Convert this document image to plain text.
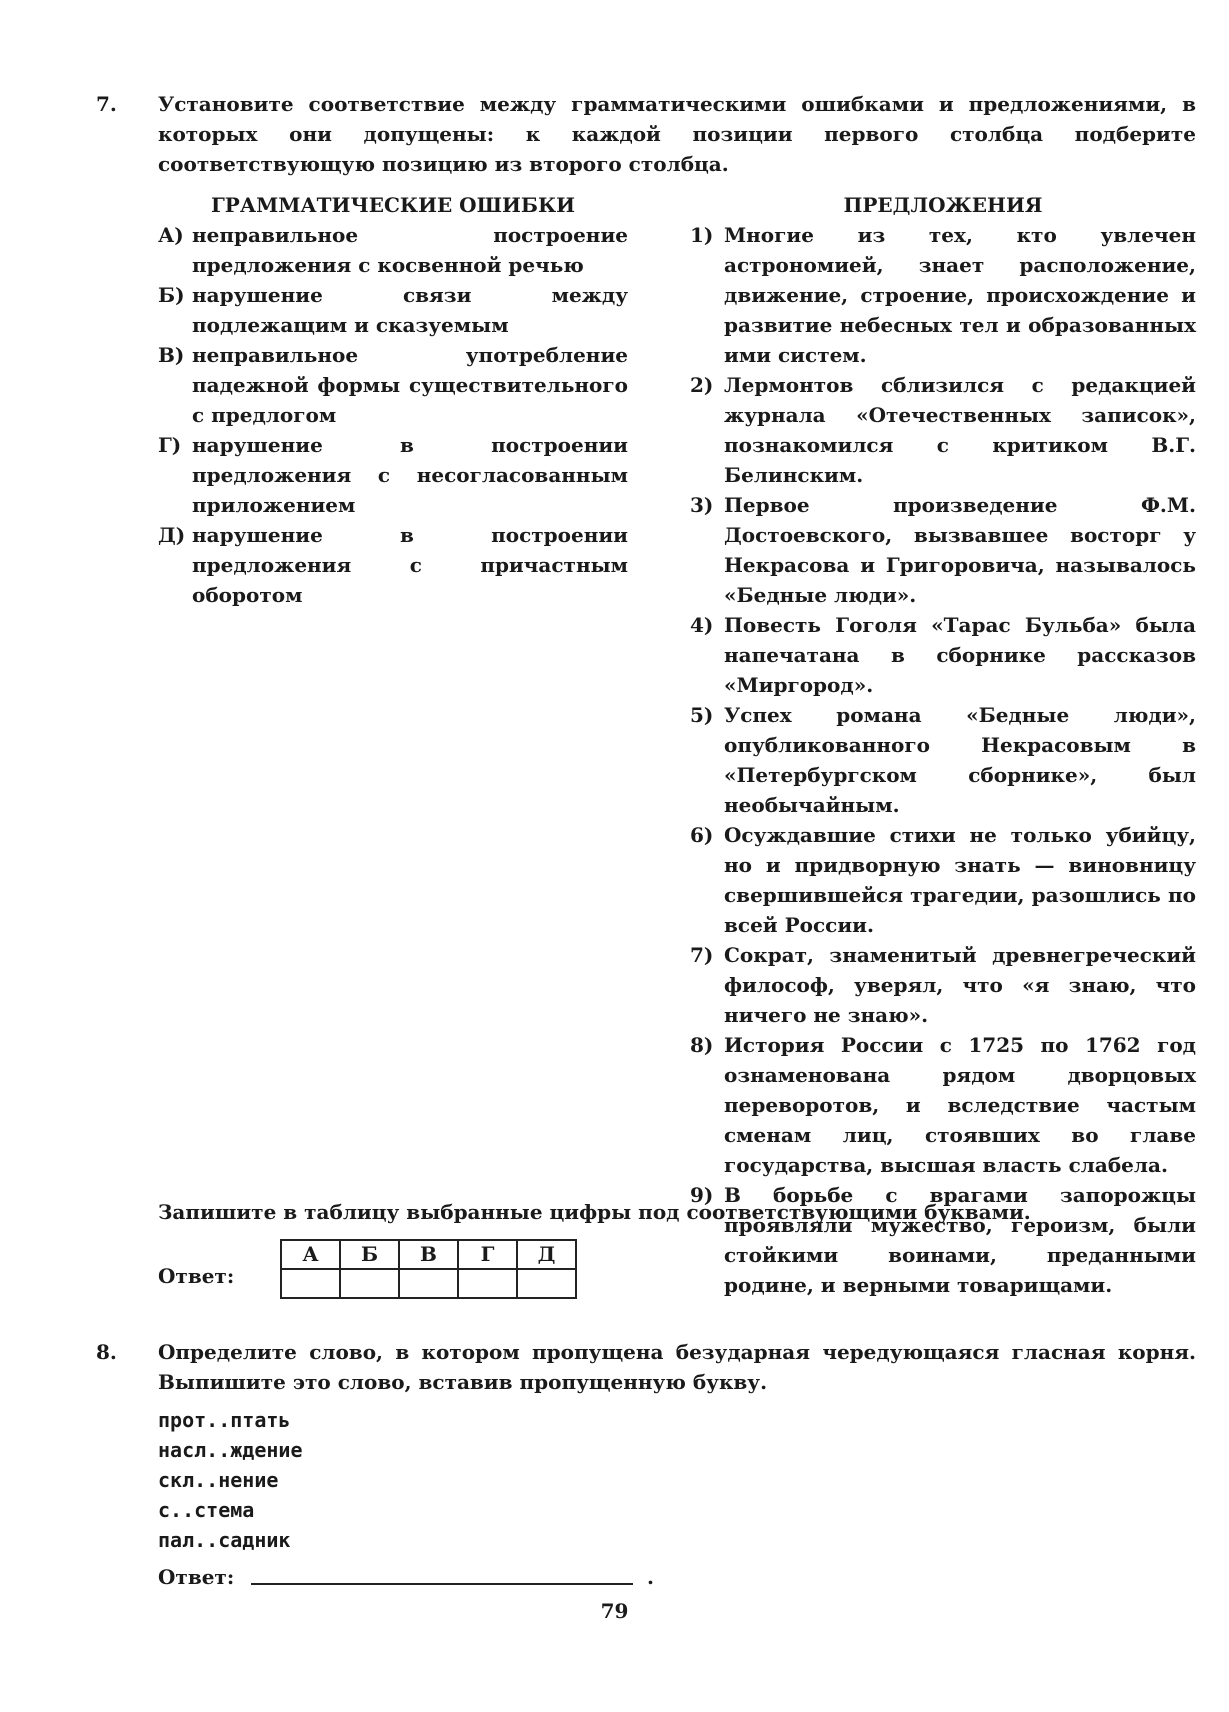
7. Установите соответствие между грамматическими ошибками и предложениями, в которых они допущены: к каждой позиции первого столбца подберите соответствующую позицию из второго столбца.
ГРАММАТИЧЕСКИЕ ОШИБКИ
А) неправильное построение предложения с косвенной речью
Б) нарушение связи между подлежащим и сказуемым
В) неправильное употребление падежной формы существительного с предлогом
Г) нарушение в построении предложения с несогласованным приложением
Д) нарушение в построении предложения с причастным оборотом
ПРЕДЛОЖЕНИЯ
1) Многие из тех, кто увлечен астрономией, знает расположение, движение, строение, происхождение и развитие небесных тел и образованных ими систем.
2) Лермонтов сблизился с редакцией журнала «Отечественных записок», познакомился с критиком В.Г. Белинским.
3) Первое произведение Ф.М. Достоевского, вызвавшее восторг у Некрасова и Григоровича, называлось «Бедные люди».
4) Повесть Гоголя «Тарас Бульба» была напечатана в сборнике рассказов «Миргород».
5) Успех романа «Бедные люди», опубликованного Некрасовым в «Петербургском сборнике», был необычайным.
6) Осуждавшие стихи не только убийцу, но и придворную знать — виновницу свершившейся трагедии, разошлись по всей России.
7) Сократ, знаменитый древнегреческий философ, уверял, что «я знаю, что ничего не знаю».
8) История России с 1725 по 1762 год ознаменована рядом дворцовых переворотов, и вследствие частым сменам лиц, стоявших во главе государства, высшая власть слабела.
9) В борьбе с врагами запорожцы проявляли мужество, героизм, были стойкими воинами, преданными родине, и верными товарищами.
Запишите в таблицу выбранные цифры под соответствующими буквами.
Ответ:
А	Б	В	Г	Д

8. Определите слово, в котором пропущена безударная чередующаяся гласная корня. Выпишите это слово, вставив пропущенную букву.
прот..птать
насл..ждение
скл..нение
с..стема
пал..садник
Ответ:	.
79
